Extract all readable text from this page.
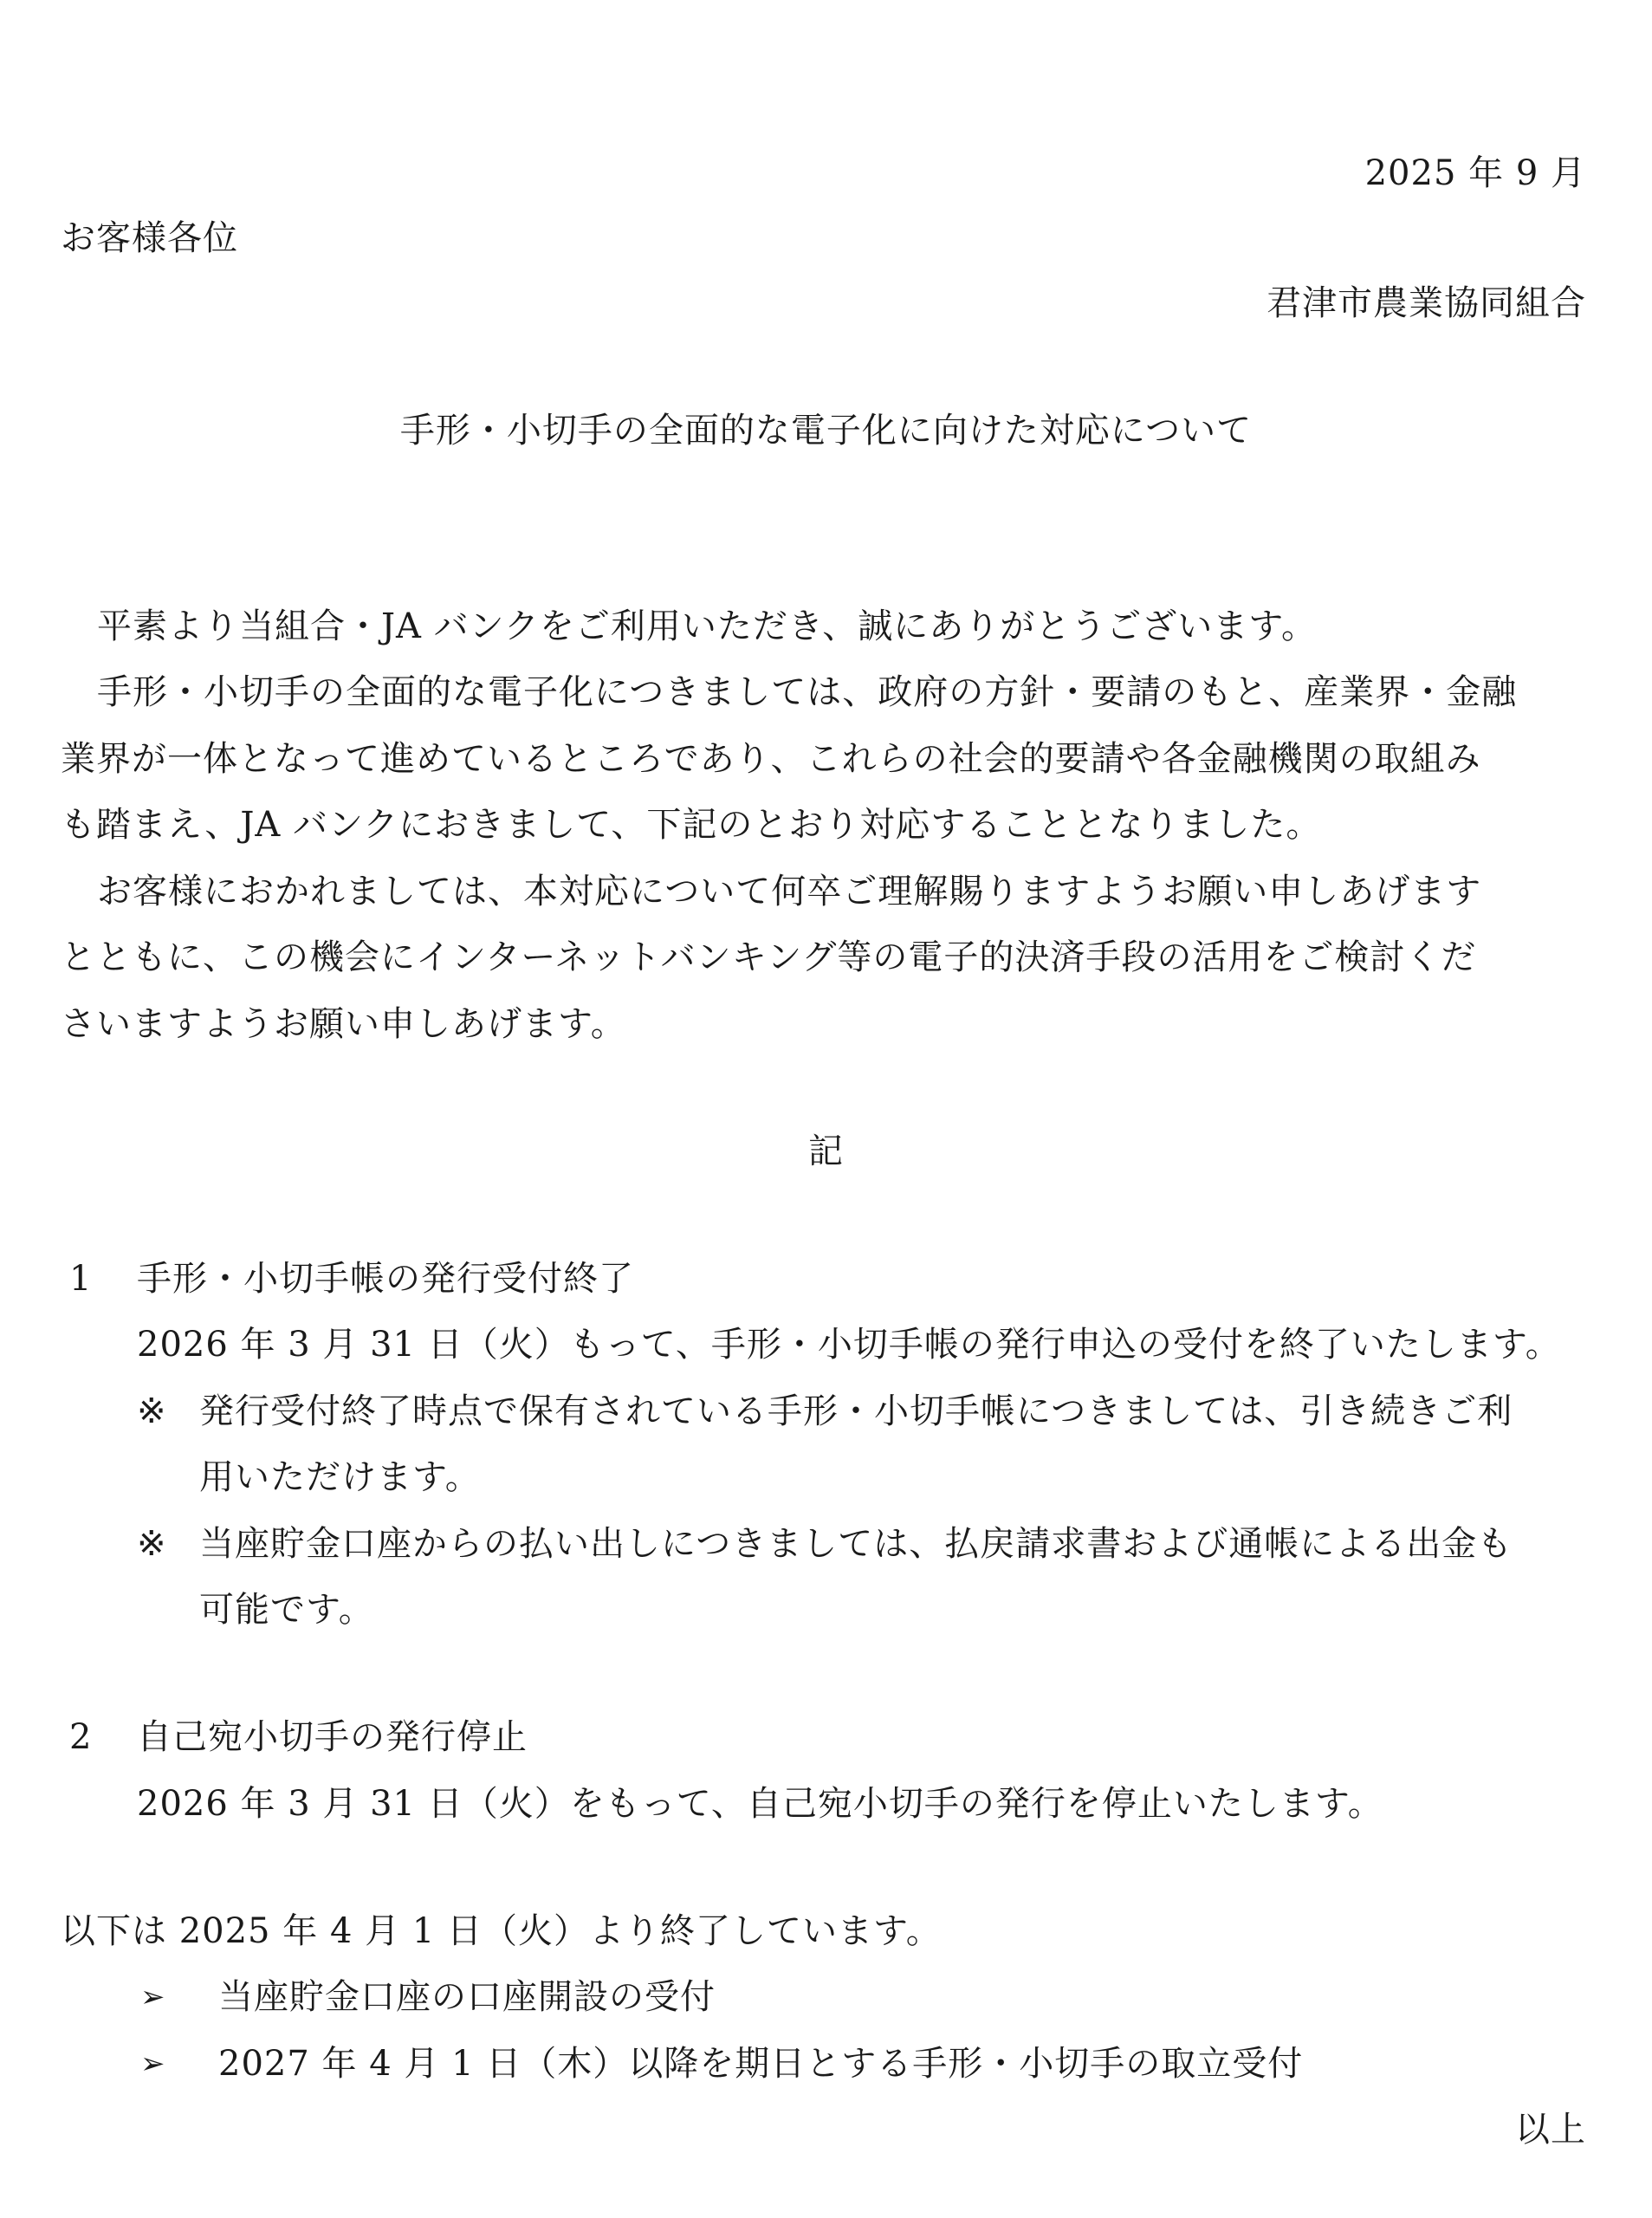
2025 年 9 月
お客様各位
君津市農業協同組合
手形・小切手の全面的な電子化に向けた対応について
平素より当組合・JA バンクをご利用いただき、誠にありがとうございます。
手形・小切手の全面的な電子化につきましては、政府の方針・要請のもと、産業界・金融
業界が一体となって進めているところであり、これらの社会的要請や各金融機関の取組み
も踏まえ、JA バンクにおきまして、下記のとおり対応することとなりました。
お客様におかれましては、本対応について何卒ご理解賜りますようお願い申しあげます
とともに、この機会にインターネットバンキング等の電子的決済手段の活用をご検討くだ
さいますようお願い申しあげます。
記
1 手形・小切手帳の発行受付終了
2026 年 3 月 31 日（火）もって、手形・小切手帳の発行申込の受付を終了いたします。
※ 発行受付終了時点で保有されている手形・小切手帳につきましては、引き続きご利
用いただけます。
※ 当座貯金口座からの払い出しにつきましては、払戻請求書および通帳による出金も
可能です。
2 自己宛小切手の発行停止
2026 年 3 月 31 日（火）をもって、自己宛小切手の発行を停止いたします。
以下は 2025 年 4 月 1 日（火）より終了しています。
➢ 当座貯金口座の口座開設の受付
➢ 2027 年 4 月 1 日（木）以降を期日とする手形・小切手の取立受付
以上
